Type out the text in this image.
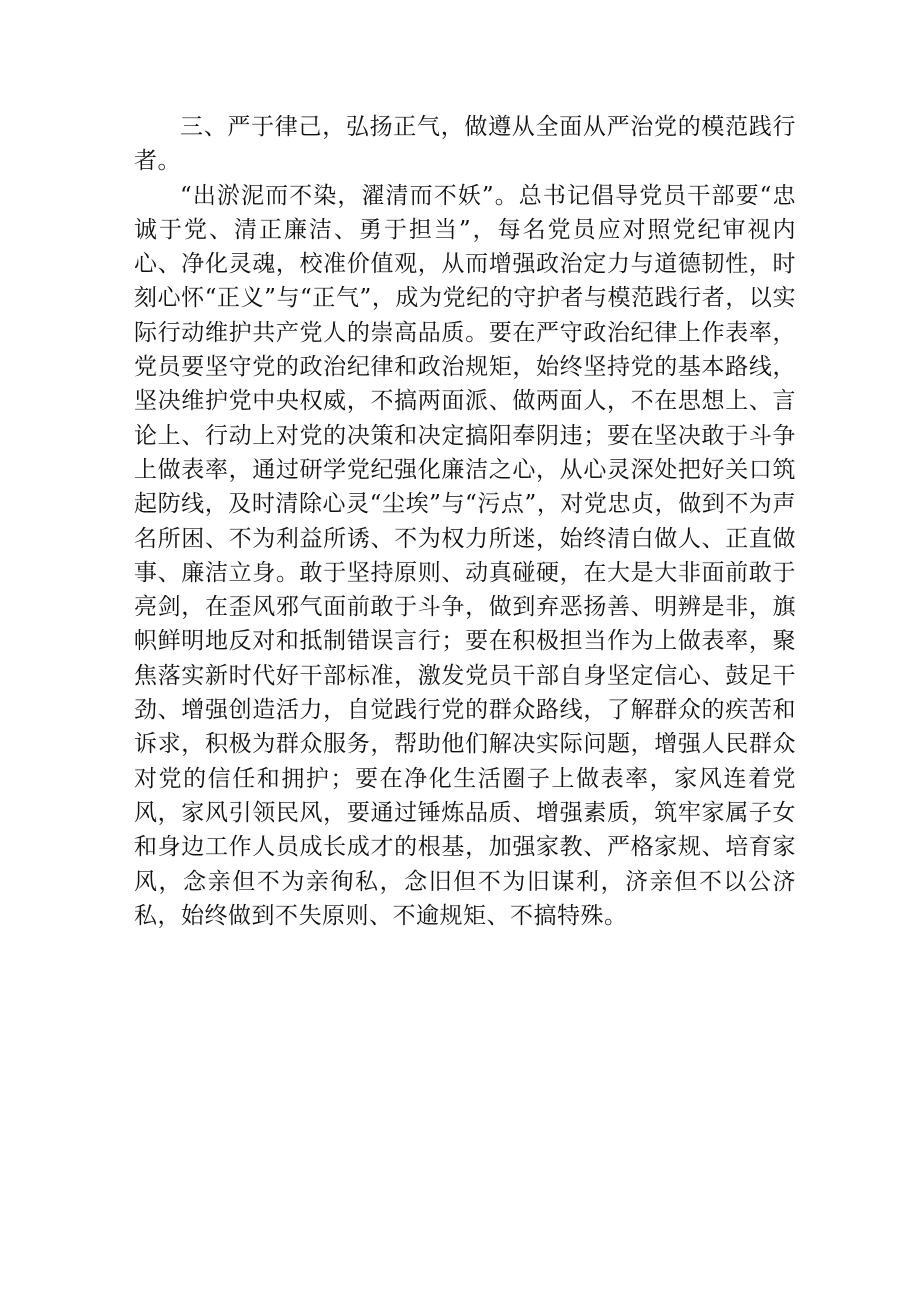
三、严于律己，弘扬正气，做遵从全面从严治党的模范践行者。

“出淤泥而不染，濯清而不妖”。总书记倡导党员干部要“忠诚于党、清正廉洁、勇于担当”，每名党员应对照党纪审视内心、净化灵魂，校准价值观，从而增强政治定力与道德韧性，时刻心怀“正义”与“正气”，成为党纪的守护者与模范践行者，以实际行动维护共产党人的崇高品质。要在严守政治纪律上作表率，党员要坚守党的政治纪律和政治规矩，始终坚持党的基本路线，坚决维护党中央权威，不搞两面派、做两面人，不在思想上、言论上、行动上对党的决策和决定搞阳奉阴违；要在坚决敢于斗争上做表率，通过研学党纪强化廉洁之心，从心灵深处把好关口筑起防线，及时清除心灵“尘埃”与“污点”，对党忠贞，做到不为声名所困、不为利益所诱、不为权力所迷，始终清白做人、正直做事、廉洁立身。敢于坚持原则、动真碰硬，在大是大非面前敢于亮剑，在歪风邪气面前敢于斗争，做到弃恶扬善、明辨是非，旗帜鲜明地反对和抵制错误言行；要在积极担当作为上做表率，聚焦落实新时代好干部标准，激发党员干部自身坚定信心、鼓足干劲、增强创造活力，自觉践行党的群众路线，了解群众的疾苦和诉求，积极为群众服务，帮助他们解决实际问题，增强人民群众对党的信任和拥护；要在净化生活圈子上做表率，家风连着党风，家风引领民风，要通过锤炼品质、增强素质，筑牢家属子女和身边工作人员成长成才的根基，加强家教、严格家规、培育家风，念亲但不为亲徇私，念旧但不为旧谋利，济亲但不以公济私，始终做到不失原则、不逾规矩、不搞特殊。
